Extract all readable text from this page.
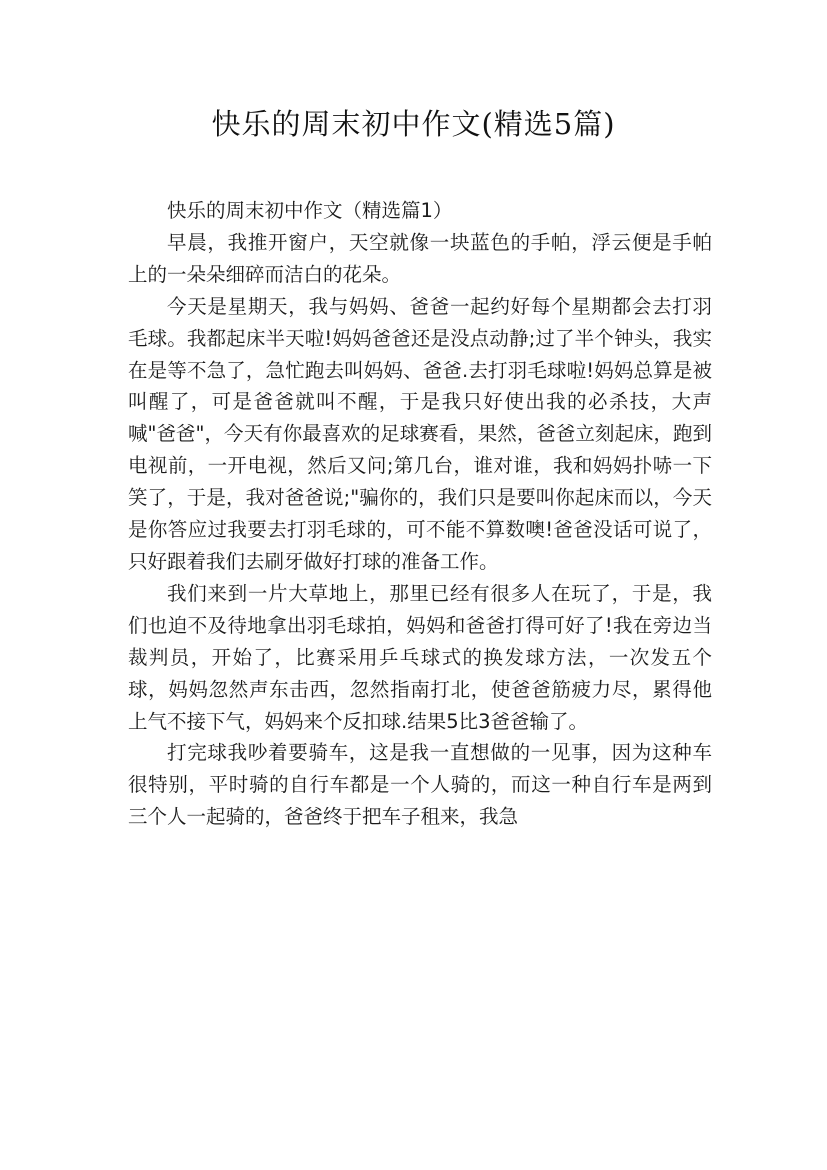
快乐的周末初中作文(精选5篇)

快乐的周末初中作文（精选篇1）

早晨，我推开窗户，天空就像一块蓝色的手帕，浮云便是手帕上的一朵朵细碎而洁白的花朵。

今天是星期天，我与妈妈、爸爸一起约好每个星期都会去打羽毛球。我都起床半天啦!妈妈爸爸还是没点动静;过了半个钟头，我实在是等不急了，急忙跑去叫妈妈、爸爸.去打羽毛球啦!妈妈总算是被叫醒了，可是爸爸就叫不醒，于是我只好使出我的必杀技，大声喊"爸爸"，今天有你最喜欢的足球赛看，果然，爸爸立刻起床，跑到电视前，一开电视，然后又问;第几台，谁对谁，我和妈妈扑哧一下笑了，于是，我对爸爸说;"骗你的，我们只是要叫你起床而以，今天是你答应过我要去打羽毛球的，可不能不算数噢!爸爸没话可说了，只好跟着我们去刷牙做好打球的准备工作。

我们来到一片大草地上，那里已经有很多人在玩了，于是，我们也迫不及待地拿出羽毛球拍，妈妈和爸爸打得可好了!我在旁边当裁判员，开始了，比赛采用乒乓球式的换发球方法，一次发五个球，妈妈忽然声东击西，忽然指南打北，使爸爸筋疲力尽，累得他上气不接下气，妈妈来个反扣球.结果5比3爸爸输了。

打完球我吵着要骑车，这是我一直想做的一见事，因为这种车很特别，平时骑的自行车都是一个人骑的，而这一种自行车是两到三个人一起骑的，爸爸终于把车子租来，我急
